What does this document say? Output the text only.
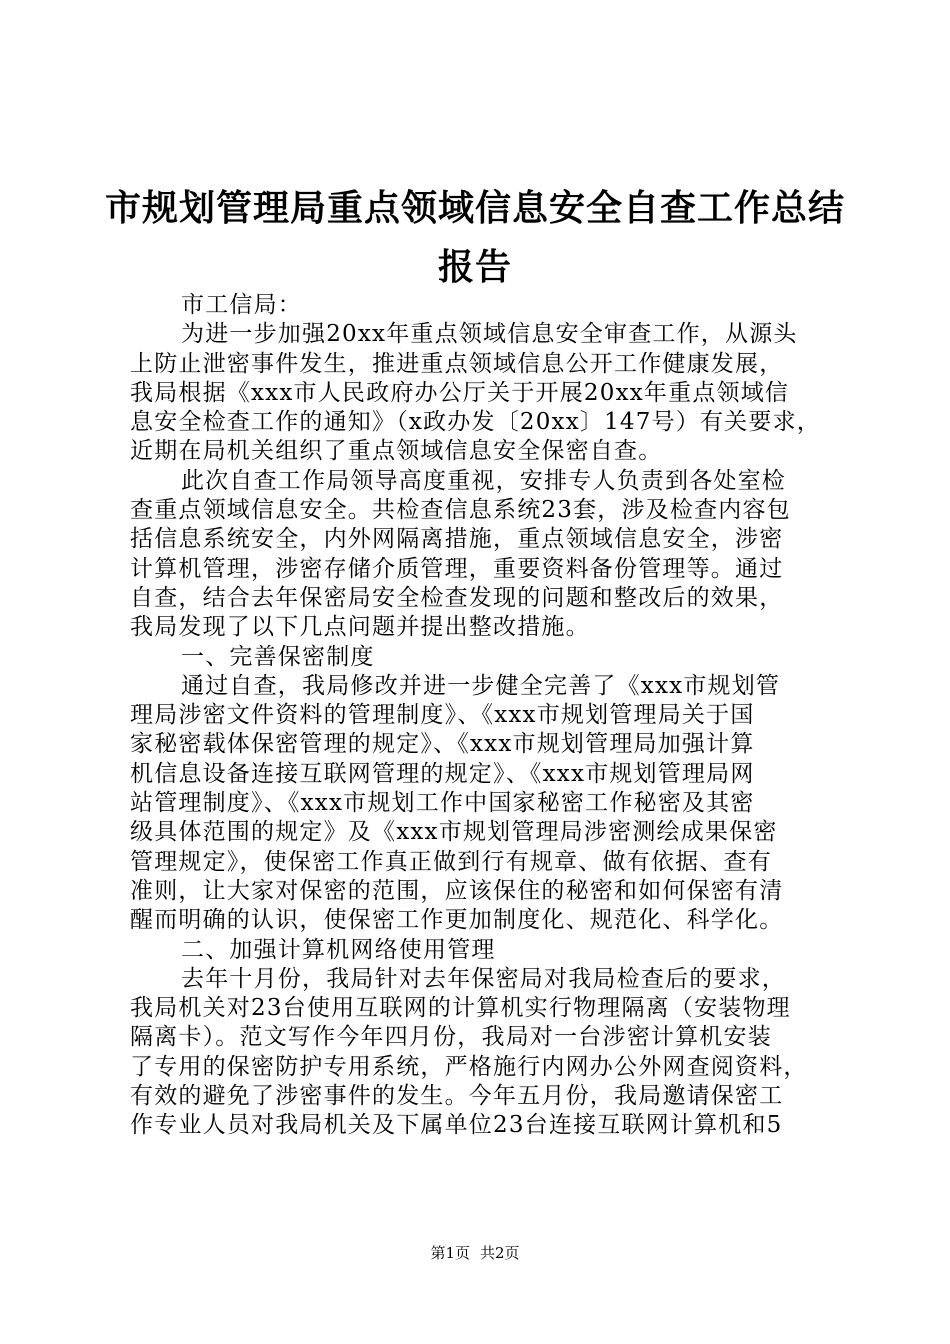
市规划管理局重点领域信息安全自查工作总结
报告
市工信局：
为进一步加强20xx年重点领域信息安全审查工作，从源头
上防止泄密事件发生，推进重点领域信息公开工作健康发展，
我局根据《xxx市人民政府办公厅关于开展20xx年重点领域信
息安全检查工作的通知》（x政办发〔20xx〕147号）有关要求，
近期在局机关组织了重点领域信息安全保密自查。
此次自查工作局领导高度重视，安排专人负责到各处室检
查重点领域信息安全。共检查信息系统23套，涉及检查内容包
括信息系统安全，内外网隔离措施，重点领域信息安全，涉密
计算机管理，涉密存储介质管理，重要资料备份管理等。通过
自查，结合去年保密局安全检查发现的问题和整改后的效果，
我局发现了以下几点问题并提出整改措施。
一、完善保密制度
通过自查，我局修改并进一步健全完善了《xxx市规划管
理局涉密文件资料的管理制度》、《xxx市规划管理局关于国
家秘密载体保密管理的规定》、《xxx市规划管理局加强计算
机信息设备连接互联网管理的规定》、《xxx市规划管理局网
站管理制度》、《xxx市规划工作中国家秘密工作秘密及其密
级具体范围的规定》及《xxx市规划管理局涉密测绘成果保密
管理规定》，使保密工作真正做到行有规章、做有依据、查有
准则，让大家对保密的范围，应该保住的秘密和如何保密有清
醒而明确的认识，使保密工作更加制度化、规范化、科学化。
二、加强计算机网络使用管理
去年十月份，我局针对去年保密局对我局检查后的要求，
我局机关对23台使用互联网的计算机实行物理隔离（安装物理
隔离卡）。范文写作今年四月份，我局对一台涉密计算机安装
了专用的保密防护专用系统，严格施行内网办公外网查阅资料，
有效的避免了涉密事件的发生。今年五月份，我局邀请保密工
作专业人员对我局机关及下属单位23台连接互联网计算机和5
第1页 共2页
